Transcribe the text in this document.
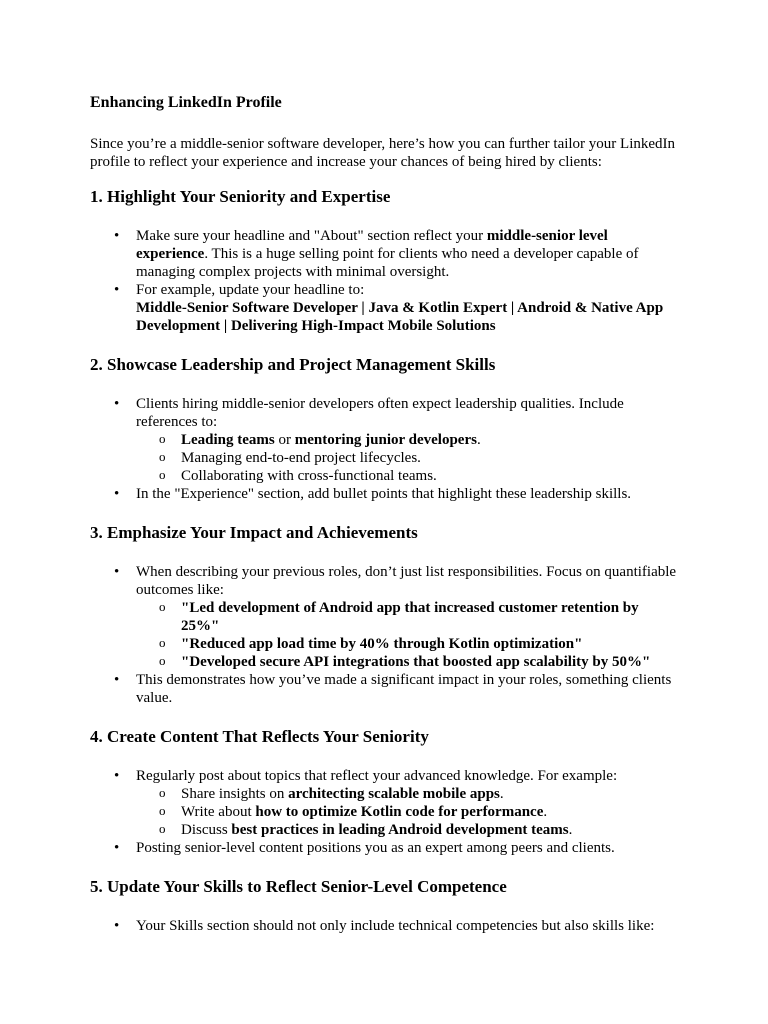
Enhancing LinkedIn Profile

Since you’re a middle-senior software developer, here’s how you can further tailor your LinkedIn profile to reflect your experience and increase your chances of being hired by clients:

1. Highlight Your Seniority and Expertise
• Make sure your headline and "About" section reflect your middle-senior level experience. This is a huge selling point for clients who need a developer capable of managing complex projects with minimal oversight.
• For example, update your headline to:
Middle-Senior Software Developer | Java & Kotlin Expert | Android & Native App Development | Delivering High-Impact Mobile Solutions
2. Showcase Leadership and Project Management Skills
• Clients hiring middle-senior developers often expect leadership qualities. Include references to:
o Leading teams or mentoring junior developers.
o Managing end-to-end project lifecycles.
o Collaborating with cross-functional teams.
• In the "Experience" section, add bullet points that highlight these leadership skills.
3. Emphasize Your Impact and Achievements
• When describing your previous roles, don’t just list responsibilities. Focus on quantifiable outcomes like:
o "Led development of Android app that increased customer retention by 25%"
o "Reduced app load time by 40% through Kotlin optimization"
o "Developed secure API integrations that boosted app scalability by 50%"
• This demonstrates how you’ve made a significant impact in your roles, something clients value.
4. Create Content That Reflects Your Seniority
• Regularly post about topics that reflect your advanced knowledge. For example:
o Share insights on architecting scalable mobile apps.
o Write about how to optimize Kotlin code for performance.
o Discuss best practices in leading Android development teams.
• Posting senior-level content positions you as an expert among peers and clients.
5. Update Your Skills to Reflect Senior-Level Competence
• Your Skills section should not only include technical competencies but also skills like:
